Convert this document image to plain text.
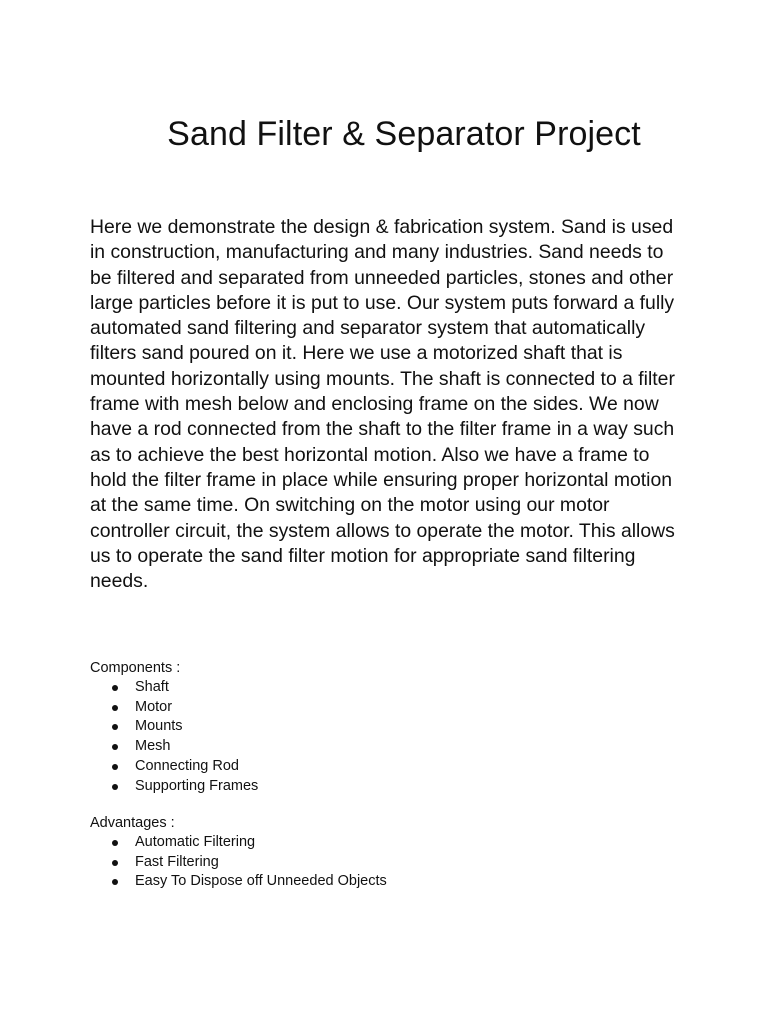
Sand Filter & Separator Project

Here we demonstrate the design & fabrication system. Sand is used in construction, manufacturing and many industries. Sand needs to be filtered and separated from unneeded particles, stones and other large particles before it is put to use. Our system puts forward a fully automated sand filtering and separator system that automatically filters sand poured on it. Here we use a motorized shaft that is mounted horizontally using mounts. The shaft is connected to a filter frame with mesh below and enclosing frame on the sides. We now have a rod connected from the shaft to the filter frame in a way such as to achieve the best horizontal motion. Also we have a frame to hold the filter frame in place while ensuring proper horizontal motion at the same time. On switching on the motor using our motor controller circuit, the system allows to operate the motor. This allows us to operate the sand filter motion for appropriate sand filtering needs.

Components :

Shaft
Motor
Mounts
Mesh
Connecting Rod
Supporting Frames

Advantages :

Automatic Filtering
Fast Filtering
Easy To Dispose off Unneeded Objects
